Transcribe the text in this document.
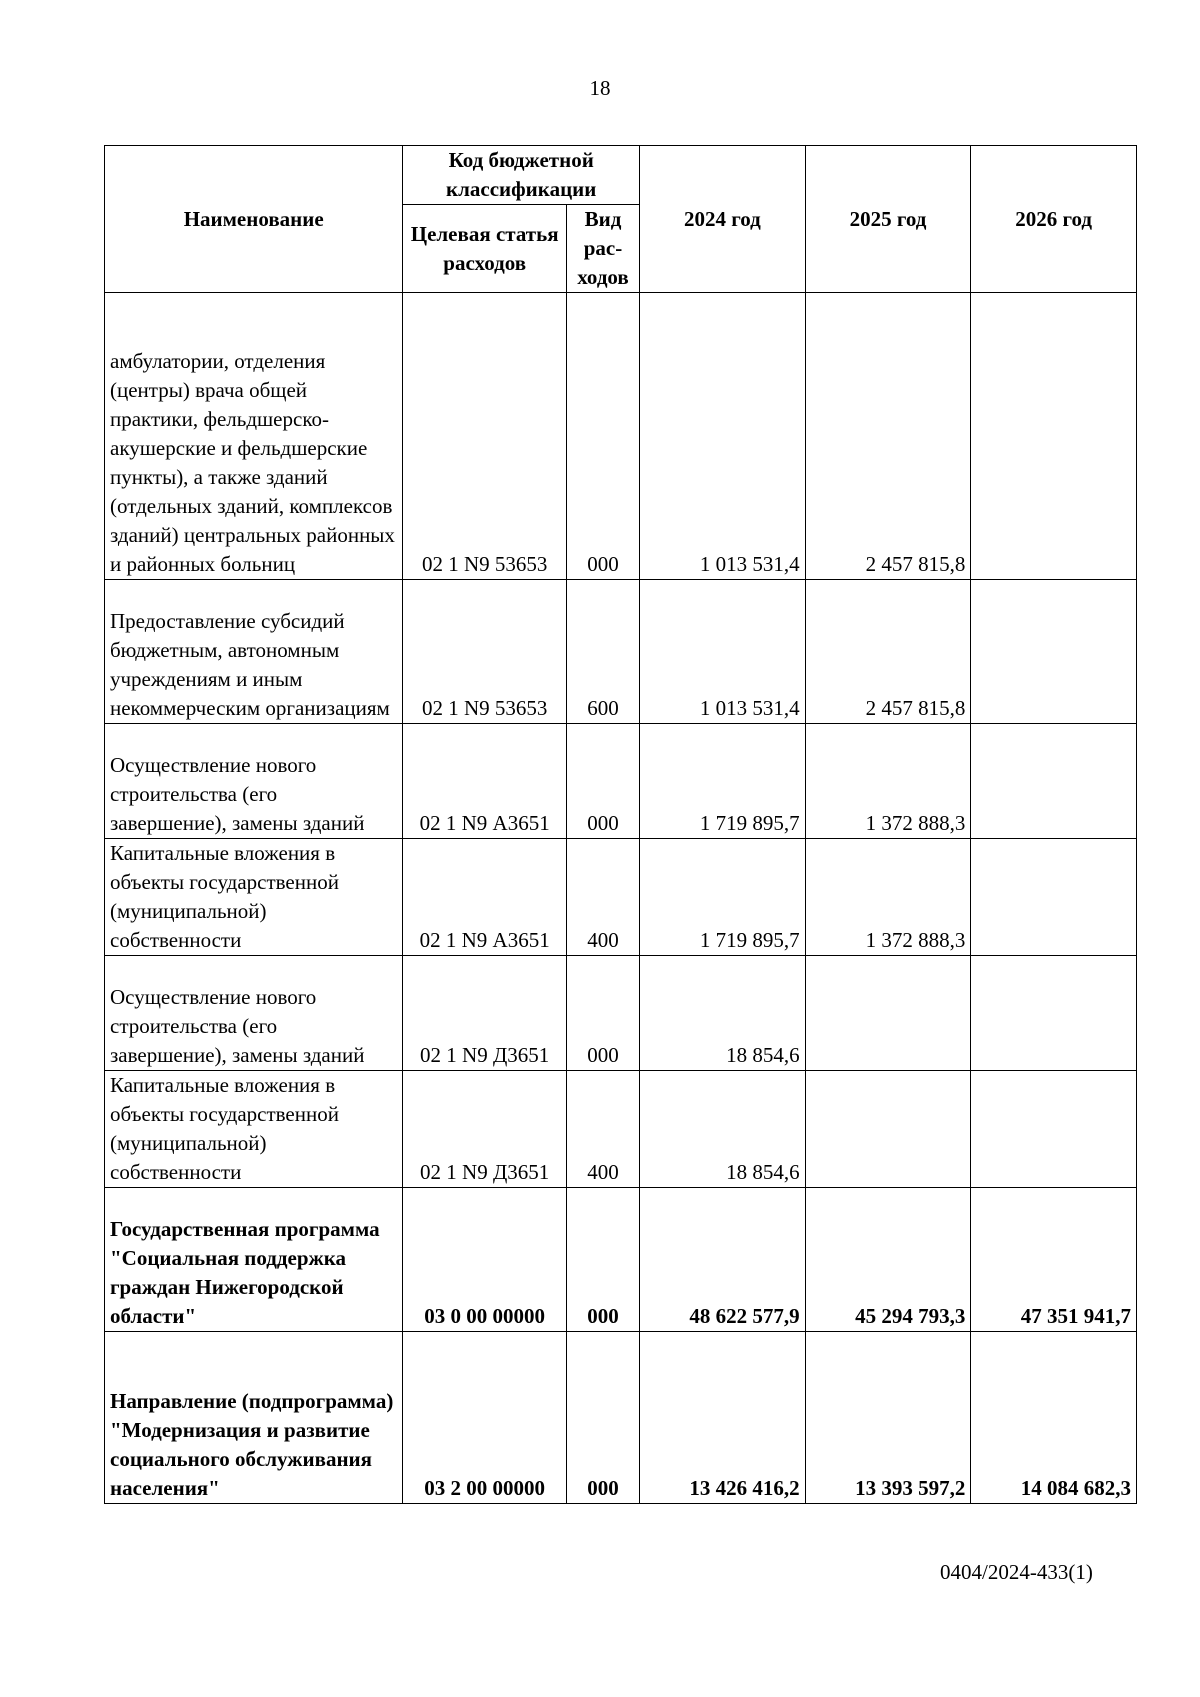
18
Наименование	Код бюджетной классификации		2024 год	2025 год	2026 год
	Целевая статья расходов	Вид рас-ходов			
амбулатории, отделения (центры) врача общей практики, фельдшерско-акушерские и фельдшерские пункты), а также зданий (отдельных зданий, комплексов зданий) центральных районных и районных больниц	02 1 N9 53653	000	1 013 531,4	2 457 815,8	
Предоставление субсидий бюджетным, автономным учреждениям и иным некоммерческим организациям	02 1 N9 53653	600	1 013 531,4	2 457 815,8	
Осуществление нового строительства (его завершение), замены зданий	02 1 N9 А3651	000	1 719 895,7	1 372 888,3	
Капитальные вложения в объекты государственной (муниципальной) собственности	02 1 N9 А3651	400	1 719 895,7	1 372 888,3	
Осуществление нового строительства (его завершение), замены зданий	02 1 N9 Д3651	000	18 854,6		
Капитальные вложения в объекты государственной (муниципальной) собственности	02 1 N9 Д3651	400	18 854,6		
Государственная программа "Социальная поддержка граждан Нижегородской области"	03 0 00 00000	000	48 622 577,9	45 294 793,3	47 351 941,7
Направление (подпрограмма) "Модернизация и развитие социального обслуживания населения"	03 2 00 00000	000	13 426 416,2	13 393 597,2	14 084 682,3
0404/2024-433(1)
